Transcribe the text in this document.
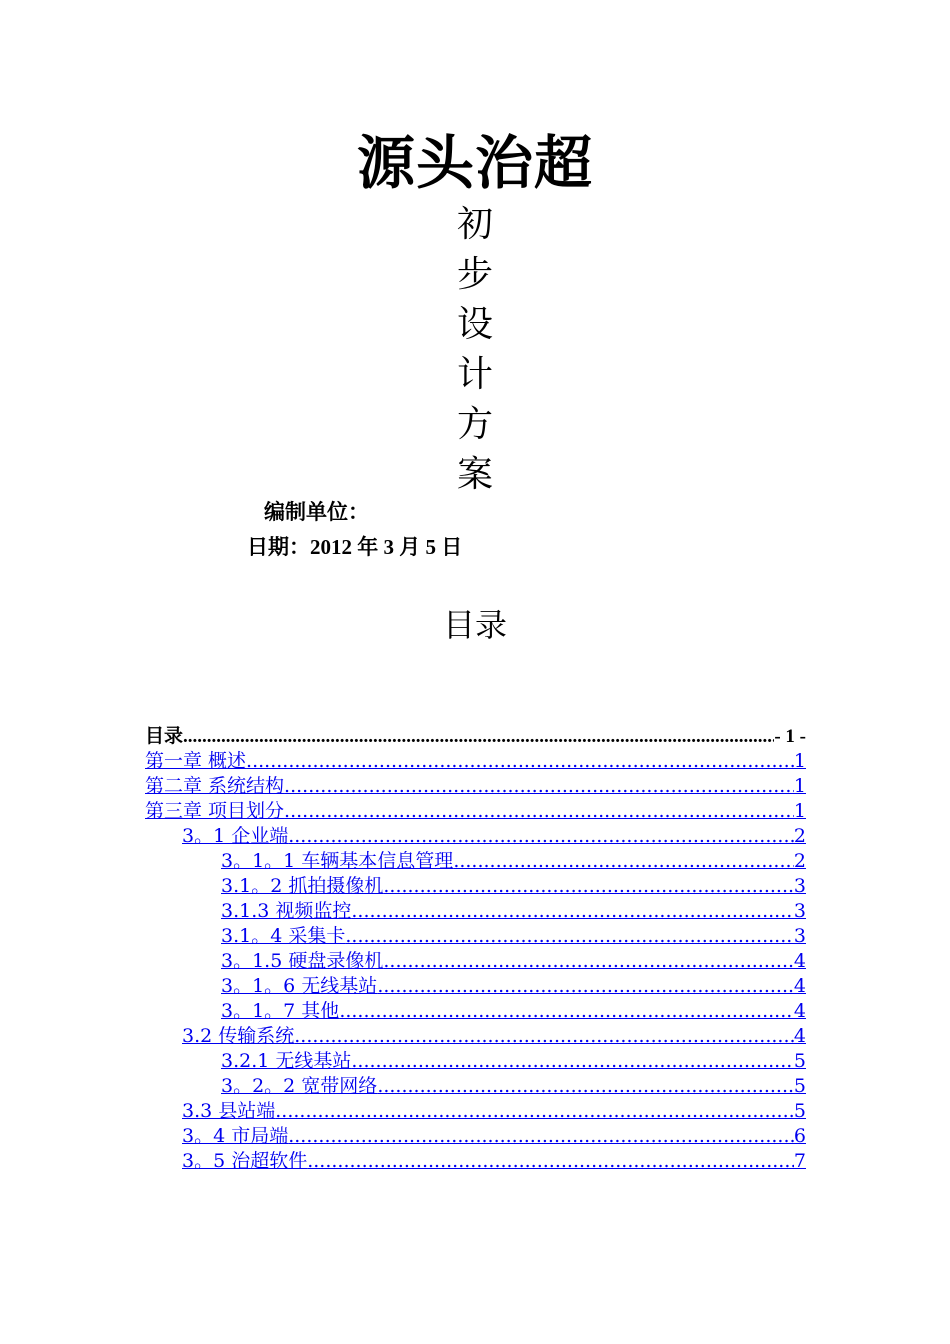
源头治超
初
步
设
计
方
案
编制单位：
日期：2012 年 3 月 5 日
目录
目录 .....	- 1 -
第一章 概述 .....	1
第二章 系统结构 .....	1
第三章 项目划分 .....	1
3。1 企业端 .....	2
3。1。1 车辆基本信息管理 .....	2
3.1。2 抓拍摄像机 .....	3
3.1.3 视频监控 .....	3
3.1。4 采集卡 .....	3
3。1.5 硬盘录像机 .....	4
3。1。6 无线基站 .....	4
3。1。7 其他 .....	4
3.2 传输系统 .....	4
3.2.1 无线基站 .....	5
3。2。2 宽带网络 .....	5
3.3 县站端 .....	5
3。4 市局端 .....	6
3。5 治超软件 .....	7
